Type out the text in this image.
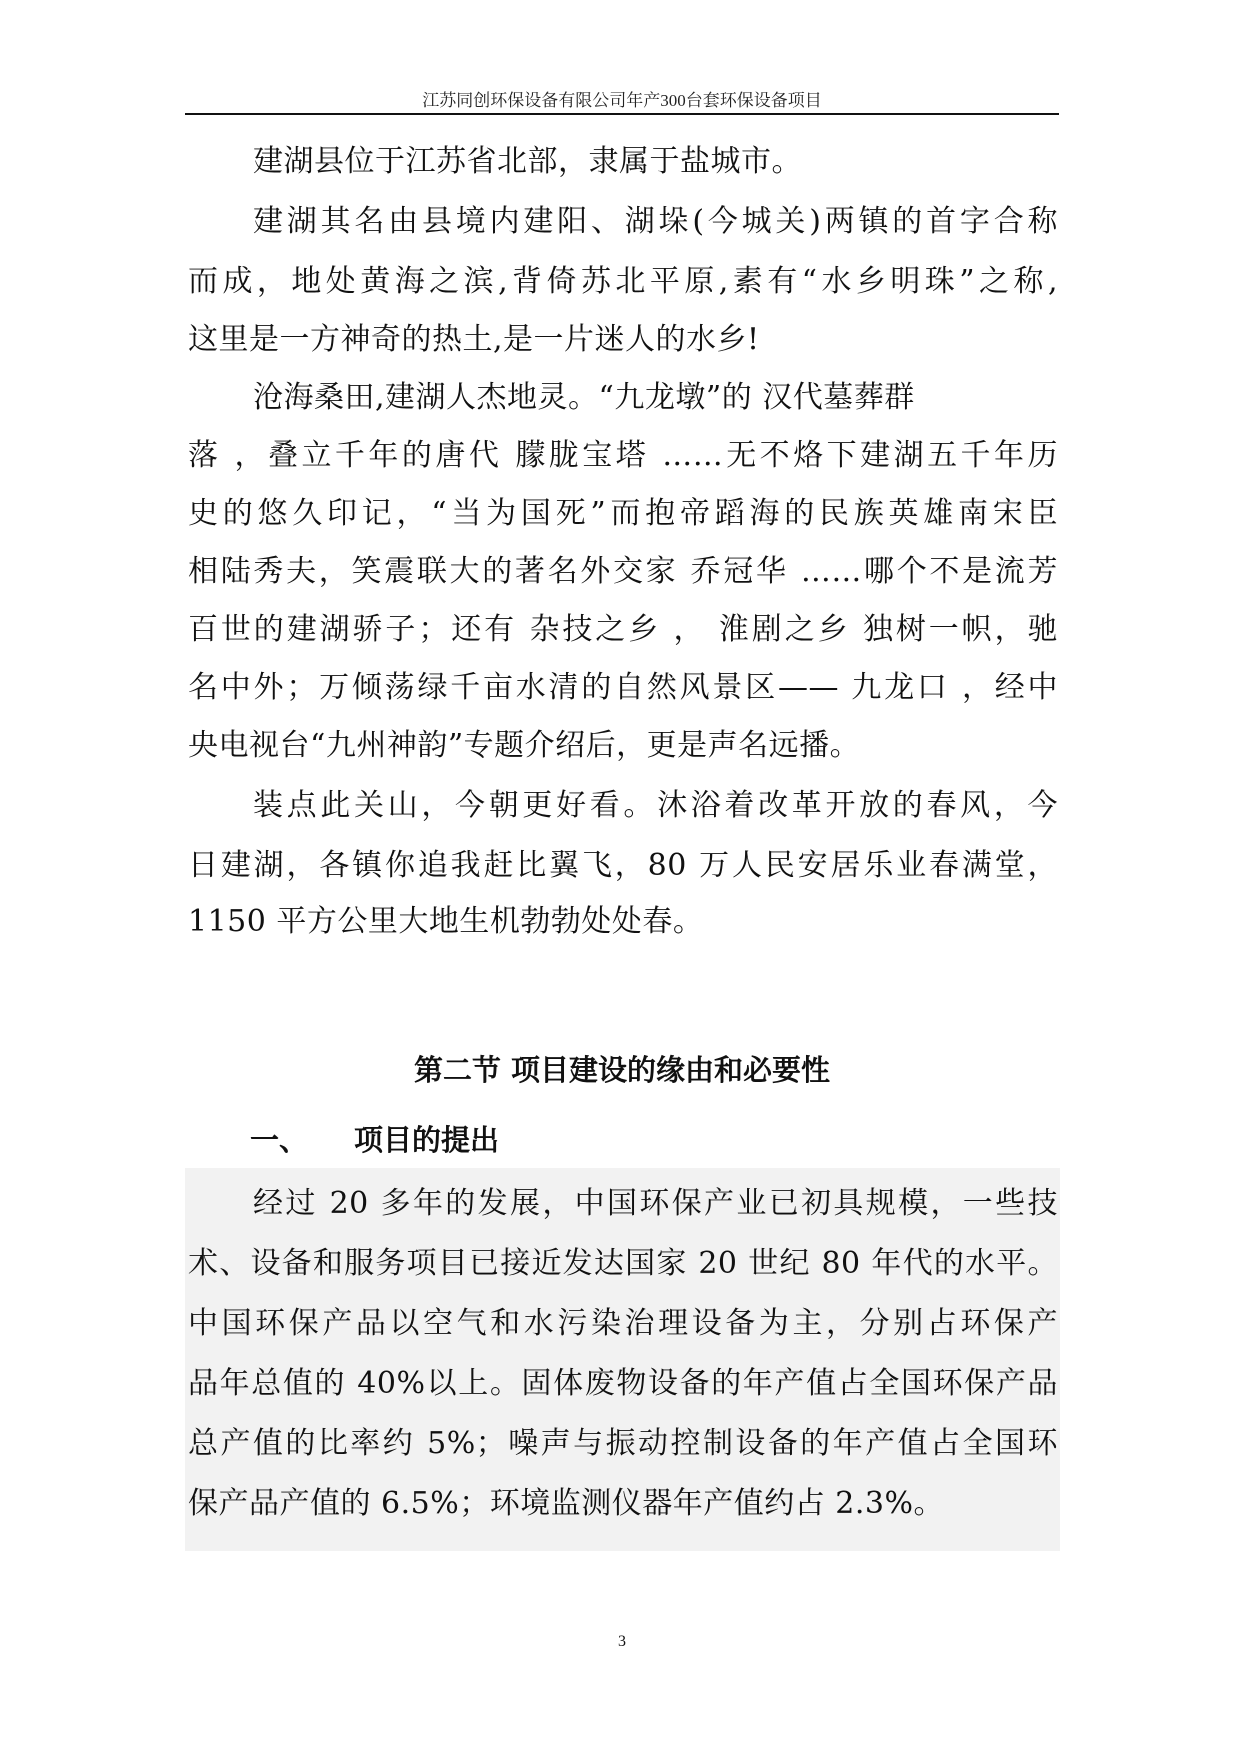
江苏同创环保设备有限公司年产300台套环保设备项目
建湖县位于江苏省北部，隶属于盐城市。
建湖其名由县境内建阳、湖垛(今城关)两镇的首字合称
而成，地处黄海之滨,背倚苏北平原,素有“水乡明珠”之称,
这里是一方神奇的热土,是一片迷人的水乡!
沧海桑田,建湖人杰地灵。“九龙墩”的 汉代墓葬群
落 ，叠立千年的唐代 朦胧宝塔 ……无不烙下建湖五千年历
史的悠久印记，“当为国死”而抱帝蹈海的民族英雄南宋臣
相陆秀夫，笑震联大的著名外交家 乔冠华 ……哪个不是流芳
百世的建湖骄子；还有 杂技之乡 ， 淮剧之乡 独树一帜，驰
名中外；万倾荡绿千亩水清的自然风景区—— 九龙口 ，经中
央电视台“九州神韵”专题介绍后，更是声名远播。
装点此关山，今朝更好看。沐浴着改革开放的春风，今
日建湖，各镇你追我赶比翼飞，80 万人民安居乐业春满堂，
1150 平方公里大地生机勃勃处处春。
第二节 项目建设的缘由和必要性
一、 项目的提出
经过 20 多年的发展，中国环保产业已初具规模，一些技
术、设备和服务项目已接近发达国家 20 世纪 80 年代的水平。
中国环保产品以空气和水污染治理设备为主，分别占环保产
品年总值的 40%以上。固体废物设备的年产值占全国环保产品
总产值的比率约 5%；噪声与振动控制设备的年产值占全国环
保产品产值的 6.5%；环境监测仪器年产值约占 2.3%。
3
